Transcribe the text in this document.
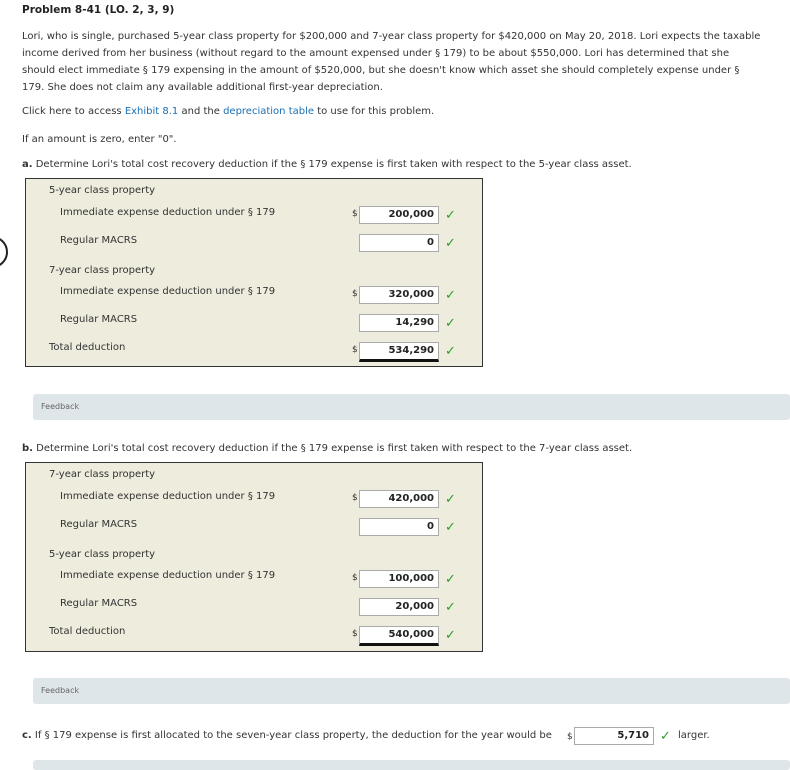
Problem 8-41 (LO. 2, 3, 9)
Lori, who is single, purchased 5-year class property for $200,000 and 7-year class property for $420,000 on May 20, 2018. Lori expects the taxable income derived from her business (without regard to the amount expensed under § 179) to be about $550,000. Lori has determined that she should elect immediate § 179 expensing in the amount of $520,000, but she doesn't know which asset she should completely expense under § 179. She does not claim any available additional first-year depreciation.
Click here to access Exhibit 8.1 and the depreciation table to use for this problem.
If an amount is zero, enter "0".
a. Determine Lori's total cost recovery deduction if the § 179 expense is first taken with respect to the 5-year class asset.
5-year class property
Immediate expense deduction under § 179	$	200,000 ✓
Regular MACRS	0 ✓
7-year class property
Immediate expense deduction under § 179	$	320,000 ✓
Regular MACRS	14,290 ✓
Total deduction	$	534,290 ✓
Feedback
b. Determine Lori's total cost recovery deduction if the § 179 expense is first taken with respect to the 7-year class asset.
7-year class property
Immediate expense deduction under § 179	$	420,000 ✓
Regular MACRS	0 ✓
5-year class property
Immediate expense deduction under § 179	$	100,000 ✓
Regular MACRS	20,000 ✓
Total deduction	$	540,000 ✓
Feedback
c. If § 179 expense is first allocated to the seven-year class property, the deduction for the year would be $	5,710 ✓ larger.
